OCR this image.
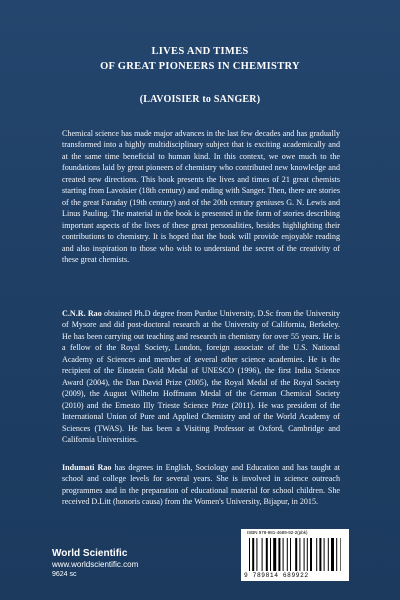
LIVES AND TIMES
OF GREAT PIONEERS IN CHEMISTRY
(LAVOISIER to SANGER)
Chemical science has made major advances in the last few decades and has gradually transformed into a highly multidisciplinary subject that is exciting academically and at the same time beneficial to human kind. In this context, we owe much to the foundations laid by great pioneers of chemistry who contributed new knowledge and created new directions. This book presents the lives and times of 21 great chemists starting from Lavoisier (18th century) and ending with Sanger. Then, there are stories of the great Faraday (19th century) and of the 20th century geniuses G. N. Lewis and Linus Pauling. The material in the book is presented in the form of stories describing important aspects of the lives of these great personalities, besides highlighting their contributions to chemistry. It is hoped that the book will provide enjoyable reading and also inspiration to those who wish to understand the secret of the creativity of these great chemists.
C.N.R. Rao obtained Ph.D degree from Purdue University, D.Sc from the University of Mysore and did post-doctoral research at the University of California, Berkeley. He has been carrying out teaching and research in chemistry for over 55 years. He is a fellow of the Royal Society, London, foreign associate of the U.S. National Academy of Sciences and member of several other science academies. He is the recipient of the Einstein Gold Medal of UNESCO (1996), the first India Science Award (2004), the Dan David Prize (2005), the Royal Medal of the Royal Society (2009), the August Wilhelm Hoffmann Medal of the German Chemical Society (2010) and the Ernesto Illy Trieste Science Prize (2011). He was president of the International Union of Pure and Applied Chemistry and of the World Academy of Sciences (TWAS). He has been a Visiting Professor at Oxford, Cambridge and California Universities.
Indumati Rao has degrees in English, Sociology and Education and has taught at school and college levels for several years. She is involved in science outreach programmes and in the preparation of educational material for school children. She received D.Litt (honoris causa) from the Women's University, Bijapur, in 2015.
World Scientific
www.worldscientific.com
9624 sc
ISBN 978-981-4689-92-2(pbk)
9 789814 689922
